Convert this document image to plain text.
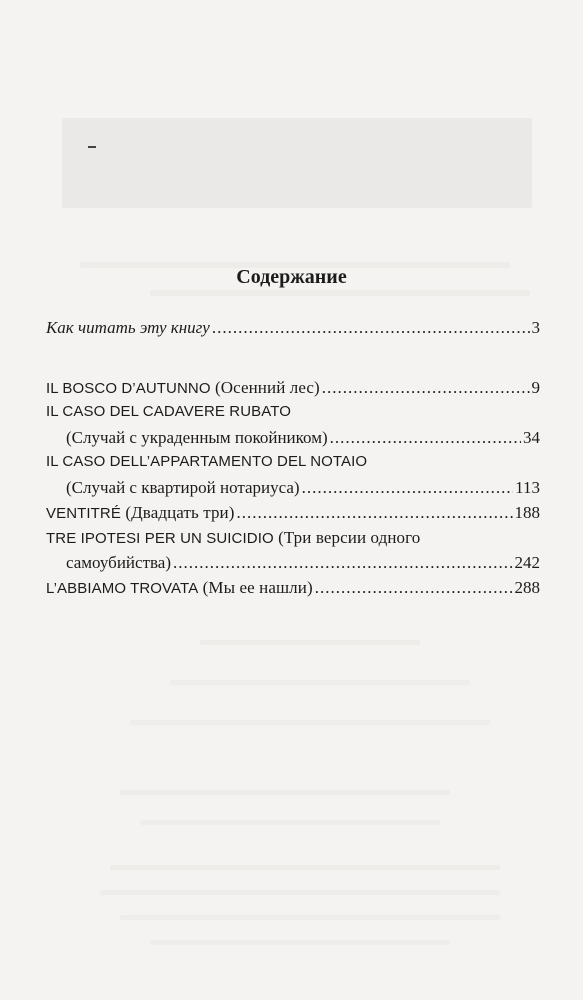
Содержание
Как читать эту книгу .....	3
IL BOSCO D’AUTUNNO (Осенний лес) .....	9
IL CASO DEL CADAVERE RUBATO
(Случай с украденным покойником) .....	34
IL CASO DELL’APPARTAMENTO DEL NOTAIO
(Случай с квартирой нотариуса) .....	113
VENTITRÉ (Двадцать три) .....	188
TRE IPOTESI PER UN SUICIDIO (Три версии одного
самоубийства) .....	242
L’ABBIAMO TROVATA (Мы ее нашли) .....	288
